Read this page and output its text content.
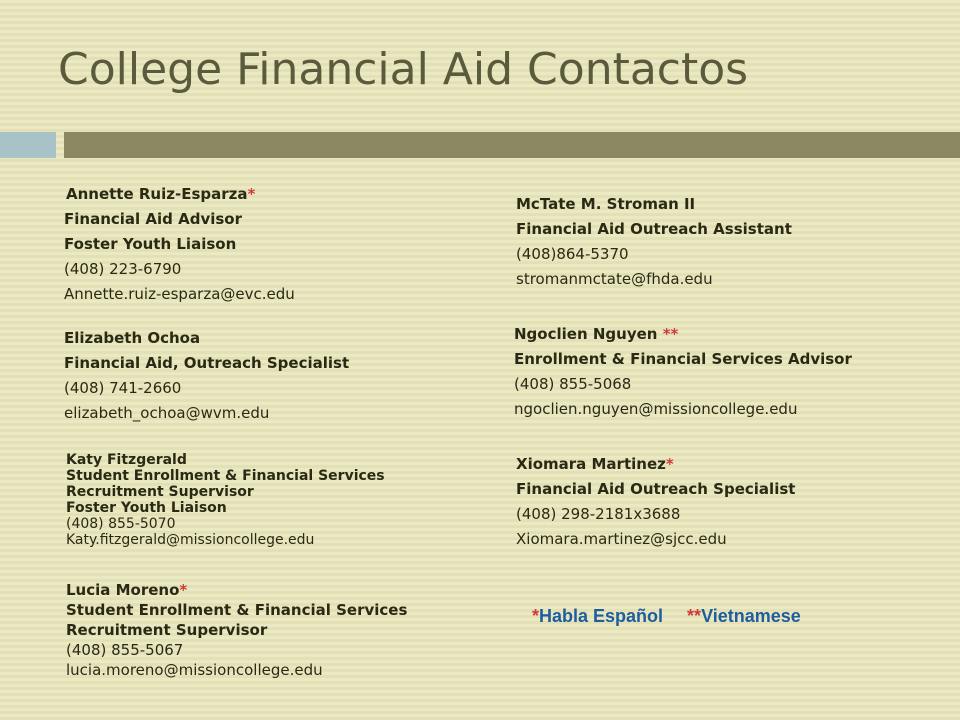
College Financial Aid Contactos
Annette Ruiz-Esparza*
Financial Aid Advisor
Foster Youth Liaison
(408) 223-6790
Annette.ruiz-esparza@evc.edu
Elizabeth Ochoa
Financial Aid, Outreach Specialist
(408) 741-2660
elizabeth_ochoa@wvm.edu
Katy Fitzgerald
Student Enrollment & Financial Services
Recruitment Supervisor
Foster Youth Liaison
(408) 855-5070
Katy.fitzgerald@missioncollege.edu
Lucia Moreno*
Student Enrollment & Financial Services
Recruitment Supervisor
(408) 855-5067
lucia.moreno@missioncollege.edu
McTate M. Stroman II
Financial Aid Outreach Assistant
(408)864-5370
stromanmctate@fhda.edu
Ngoclien Nguyen **
Enrollment & Financial Services Advisor
(408) 855-5068
ngoclien.nguyen@missioncollege.edu
Xiomara Martinez*
Financial Aid Outreach Specialist
(408) 298-2181x3688
Xiomara.martinez@sjcc.edu
*Habla Español **Vietnamese
